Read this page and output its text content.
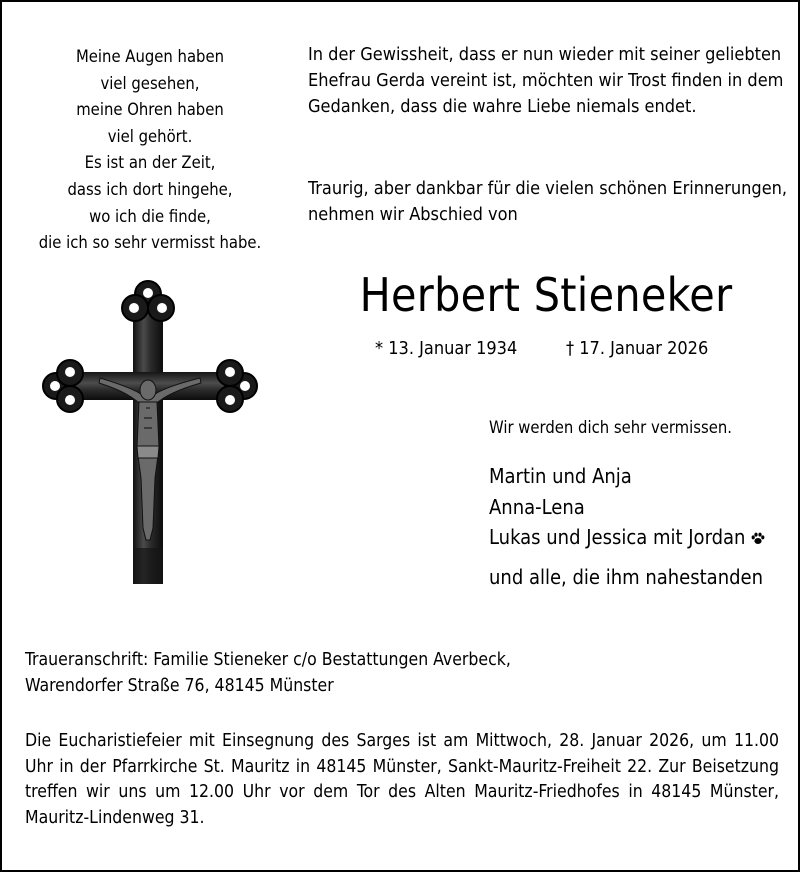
Meine Augen haben
viel gesehen,
meine Ohren haben
viel gehört.
Es ist an der Zeit,
dass ich dort hingehe,
wo ich die finde,
die ich so sehr vermisst habe.
In der Gewissheit, dass er nun wieder mit seiner geliebten
Ehefrau Gerda vereint ist, möchten wir Trost finden in dem
Gedanken, dass die wahre Liebe niemals endet.
Traurig, aber dankbar für die vielen schönen Erinnerungen,
nehmen wir Abschied von
Herbert Stieneker
* 13. Januar 1934	† 17. Januar 2026
Wir werden dich sehr vermissen.
Martin und Anja
Anna-Lena
Lukas und Jessica mit Jordan
und alle, die ihm nahestanden
Traueranschrift: Familie Stieneker c/o Bestattungen Averbeck,
Warendorfer Straße 76, 48145 Münster
Die Eucharistiefeier mit Einsegnung des Sarges ist am Mittwoch, 28. Januar 2026, um 11.00 Uhr in der Pfarrkirche St. Mauritz in 48145 Münster, Sankt-Mauritz-Freiheit 22. Zur Beisetzung treffen wir uns um 12.00 Uhr vor dem Tor des Alten Mauritz-Friedhofes in 48145 Münster, Mauritz-Lindenweg 31.
